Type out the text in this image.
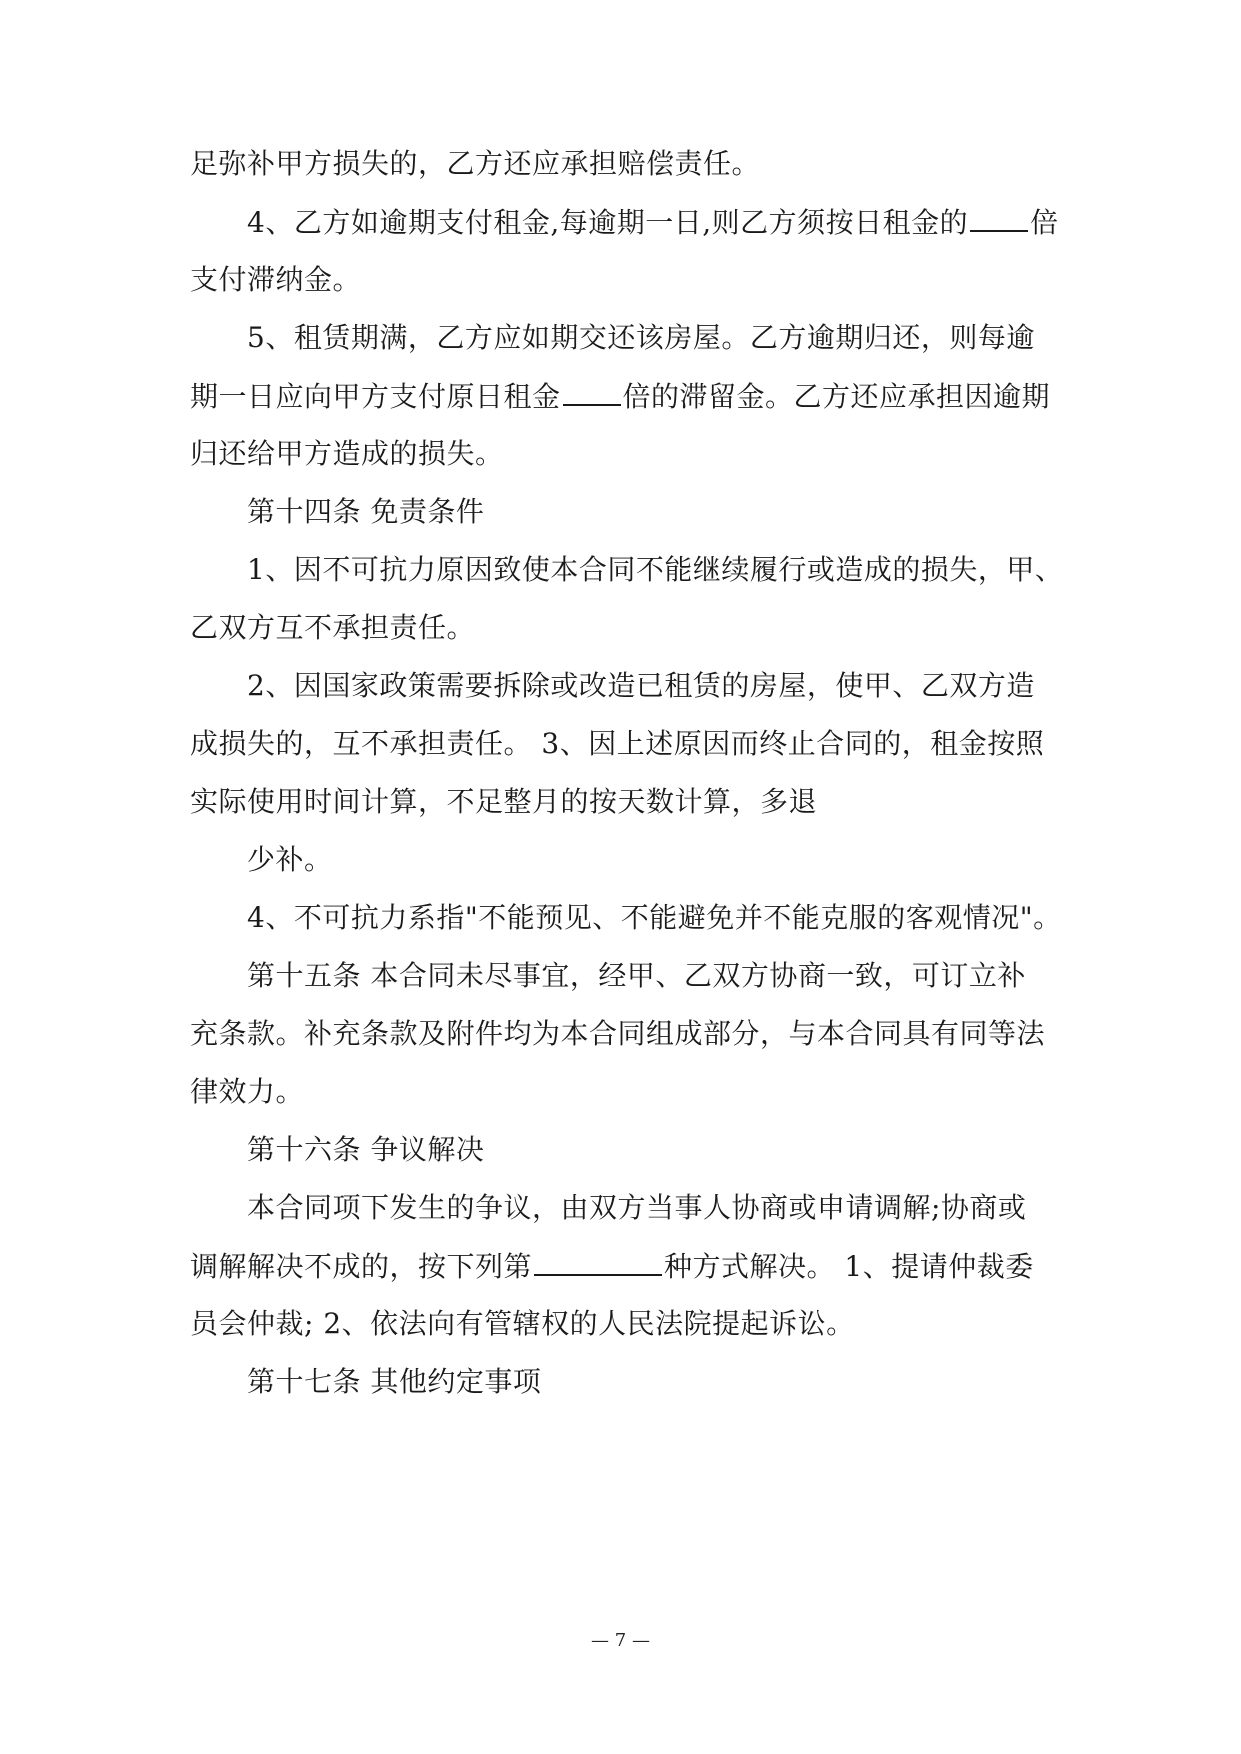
足弥补甲方损失的，乙方还应承担赔偿责任。
4、乙方如逾期支付租金,每逾期一日,则乙方须按日租金的 倍
支付滞纳金。
5、租赁期满，乙方应如期交还该房屋。乙方逾期归还，则每逾
期一日应向甲方支付原日租金 倍的滞留金。乙方还应承担因逾期
归还给甲方造成的损失。
第十四条 免责条件
1、因不可抗力原因致使本合同不能继续履行或造成的损失，甲、
乙双方互不承担责任。
2、因国家政策需要拆除或改造已租赁的房屋，使甲、乙双方造
成损失的，互不承担责任。 3、因上述原因而终止合同的，租金按照
实际使用时间计算，不足整月的按天数计算，多退
少补。
4、不可抗力系指"不能预见、不能避免并不能克服的客观情况"。
第十五条 本合同未尽事宜，经甲、乙双方协商一致，可订立补
充条款。补充条款及附件均为本合同组成部分，与本合同具有同等法
律效力。
第十六条 争议解决
本合同项下发生的争议，由双方当事人协商或申请调解;协商或
调解解决不成的，按下列第	种方式解决。 1、提请仲裁委
员会仲裁; 2、依法向有管辖权的人民法院提起诉讼。
第十七条 其他约定事项
— 7 —
